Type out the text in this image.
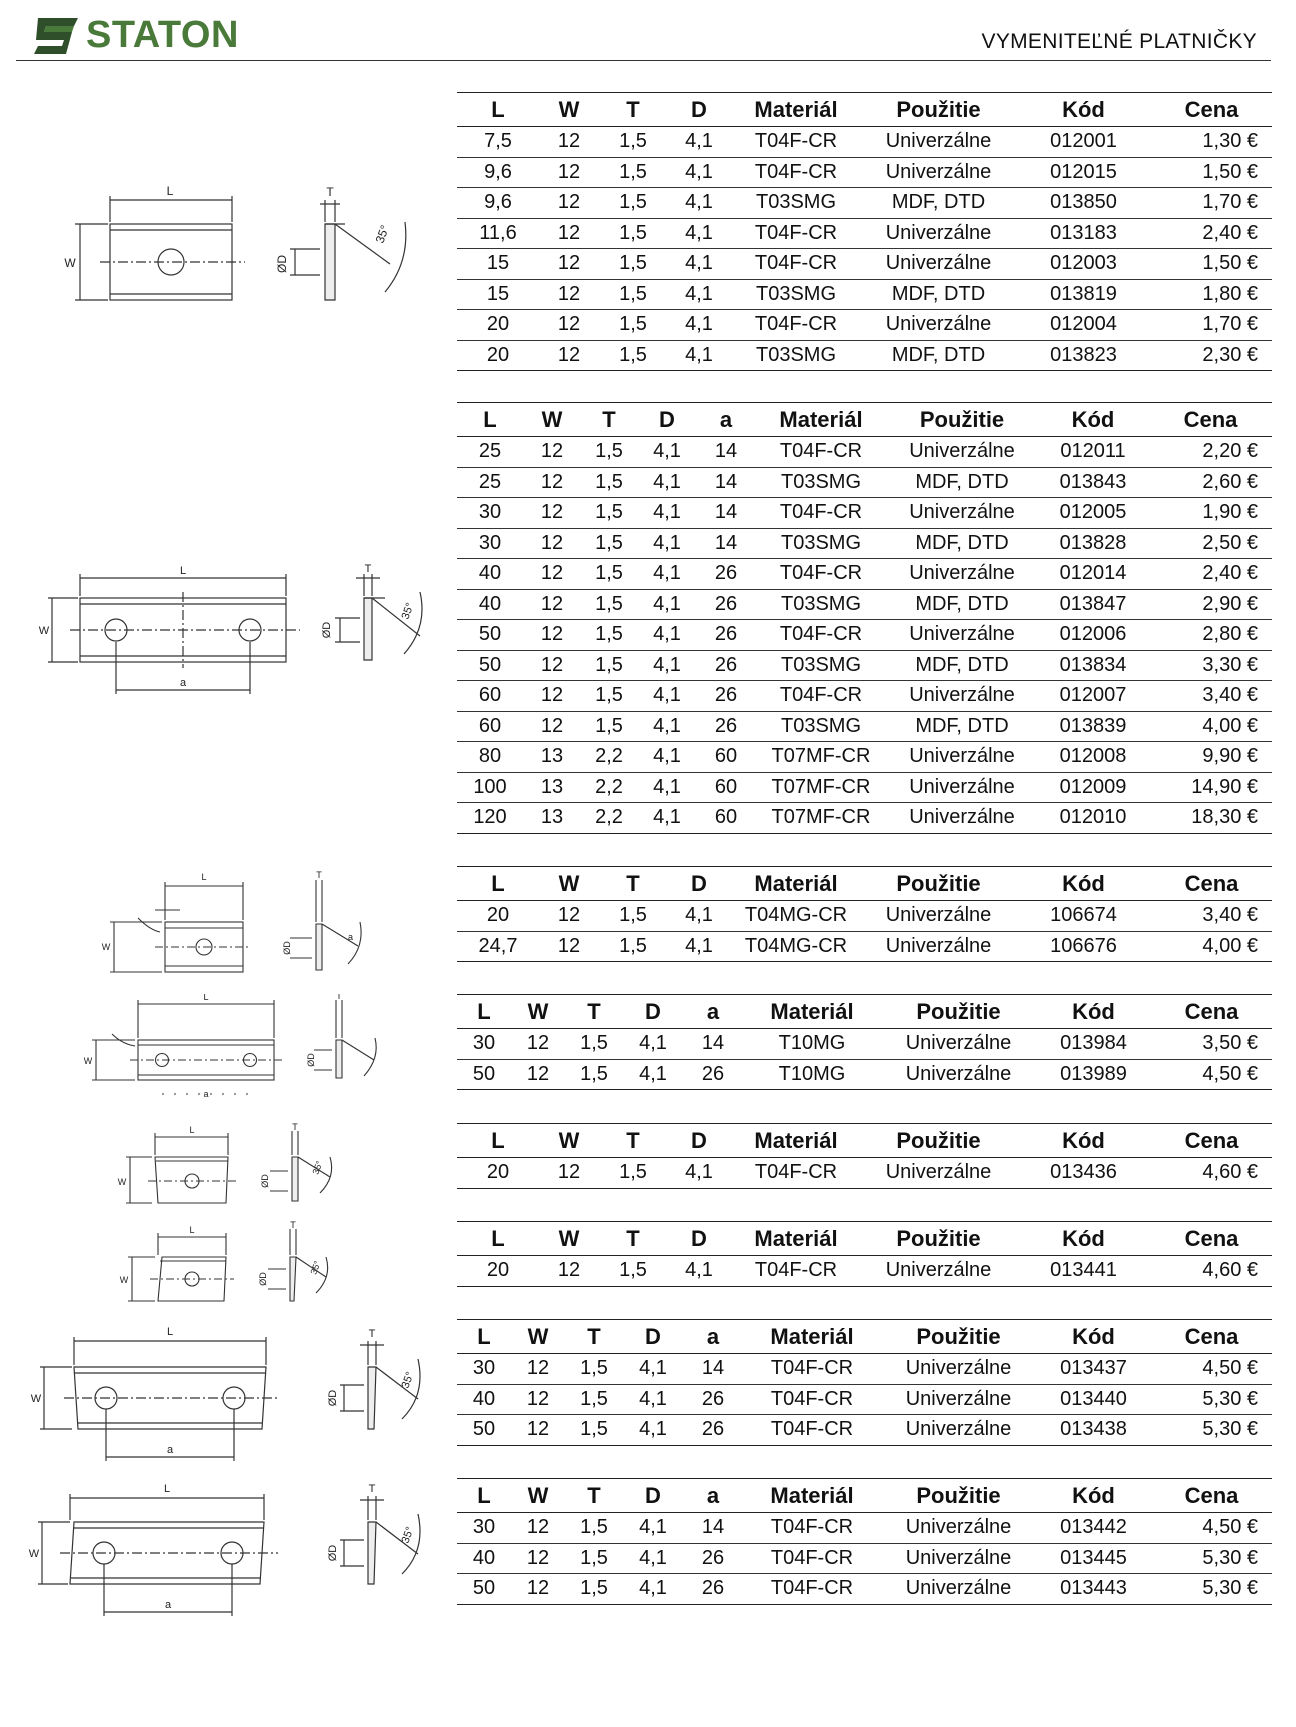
STATON	VYMENITEĽNÉ PLATNIČKY
L
W
T
ØD
35°
L	W	T	D	Materiál	Použitie	Kód	Cena
7,5	12	1,5	4,1	T04F-CR	Univerzálne	012001	1,30 €
9,6	12	1,5	4,1	T04F-CR	Univerzálne	012015	1,50 €
9,6	12	1,5	4,1	T03SMG	MDF, DTD	013850	1,70 €
11,6	12	1,5	4,1	T04F-CR	Univerzálne	013183	2,40 €
15	12	1,5	4,1	T04F-CR	Univerzálne	012003	1,50 €
15	12	1,5	4,1	T03SMG	MDF, DTD	013819	1,80 €
20	12	1,5	4,1	T04F-CR	Univerzálne	012004	1,70 €
20	12	1,5	4,1	T03SMG	MDF, DTD	013823	2,30 €
L
W
a
T
ØD
35°
L	W	T	D	a	Materiál	Použitie	Kód	Cena
25	12	1,5	4,1	14	T04F-CR	Univerzálne	012011	2,20 €
25	12	1,5	4,1	14	T03SMG	MDF, DTD	013843	2,60 €
30	12	1,5	4,1	14	T04F-CR	Univerzálne	012005	1,90 €
30	12	1,5	4,1	14	T03SMG	MDF, DTD	013828	2,50 €
40	12	1,5	4,1	26	T04F-CR	Univerzálne	012014	2,40 €
40	12	1,5	4,1	26	T03SMG	MDF, DTD	013847	2,90 €
50	12	1,5	4,1	26	T04F-CR	Univerzálne	012006	2,80 €
50	12	1,5	4,1	26	T03SMG	MDF, DTD	013834	3,30 €
60	12	1,5	4,1	26	T04F-CR	Univerzálne	012007	3,40 €
60	12	1,5	4,1	26	T03SMG	MDF, DTD	013839	4,00 €
80	13	2,2	4,1	60	T07MF-CR	Univerzálne	012008	9,90 €
100	13	2,2	4,1	60	T07MF-CR	Univerzálne	012009	14,90 €
120	13	2,2	4,1	60	T07MF-CR	Univerzálne	012010	18,30 €
L
W
T
ØD
a
L	W	T	D	Materiál	Použitie	Kód	Cena
20	12	1,5	4,1	T04MG-CR	Univerzálne	106674	3,40 €
24,7	12	1,5	4,1	T04MG-CR	Univerzálne	106676	4,00 €
L
W
a
T
ØD
L	W	T	D	a	Materiál	Použitie	Kód	Cena
30	12	1,5	4,1	14	T10MG	Univerzálne	013984	3,50 €
50	12	1,5	4,1	26	T10MG	Univerzálne	013989	4,50 €
L
W
T
ØD
35°
L	W	T	D	Materiál	Použitie	Kód	Cena
20	12	1,5	4,1	T04F-CR	Univerzálne	013436	4,60 €
L
W
T
ØD
35°
L	W	T	D	Materiál	Použitie	Kód	Cena
20	12	1,5	4,1	T04F-CR	Univerzálne	013441	4,60 €
L
W
a
T
ØD
35°
L	W	T	D	a	Materiál	Použitie	Kód	Cena
30	12	1,5	4,1	14	T04F-CR	Univerzálne	013437	4,50 €
40	12	1,5	4,1	26	T04F-CR	Univerzálne	013440	5,30 €
50	12	1,5	4,1	26	T04F-CR	Univerzálne	013438	5,30 €
L
W
a
T
ØD
35°
L	W	T	D	a	Materiál	Použitie	Kód	Cena
30	12	1,5	4,1	14	T04F-CR	Univerzálne	013442	4,50 €
40	12	1,5	4,1	26	T04F-CR	Univerzálne	013445	5,30 €
50	12	1,5	4,1	26	T04F-CR	Univerzálne	013443	5,30 €
